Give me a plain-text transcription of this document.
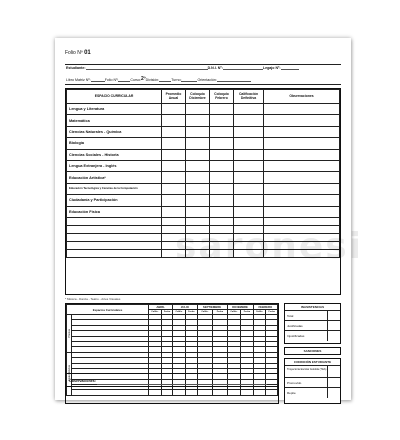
Folio Nº 01
Estudiante:	D.N.I. Nº:	Legajo Nº:
Libro Matriz Nº:	Folio Nº:	Curso: 2º División:	Turno:	Orientación:
ESPACIO CURRICULAR	Promedio Anual	Coloquio Diciembre	Coloquio Febrero	Calificación Definitiva	Observaciones
Lengua y Literatura					
Matemática					
Ciencias Naturales - Química					
Biología					
Ciencias Sociales - Historia					
Lengua Extranjera - Inglés					
Educación Artística*					
Educación Tecnológica y Ciencias de la Computación					
Ciudadanía y Participación					
Educación Física					

saronesi
* Música - Danza - Teatro - Artes Visuales
Espacios Curriculares		ABRIL		JULIO		SEPTIEMBRE		DICIEMBRE		FEBRERO	
		Calific.	Fecha	Calific.	Fecha	Calific.	Fecha	Calific.	Fecha	Calific.	Fecha
Previas											

Equivalencias											

INASISTENCIAS
Total
Justificadas
Injustificadas
SANCIONES
CONDICIÓN ESTUDIANTE
Trayectoria Escolar Asistida (TEA)
Promovido
Repite
Observaciones:
